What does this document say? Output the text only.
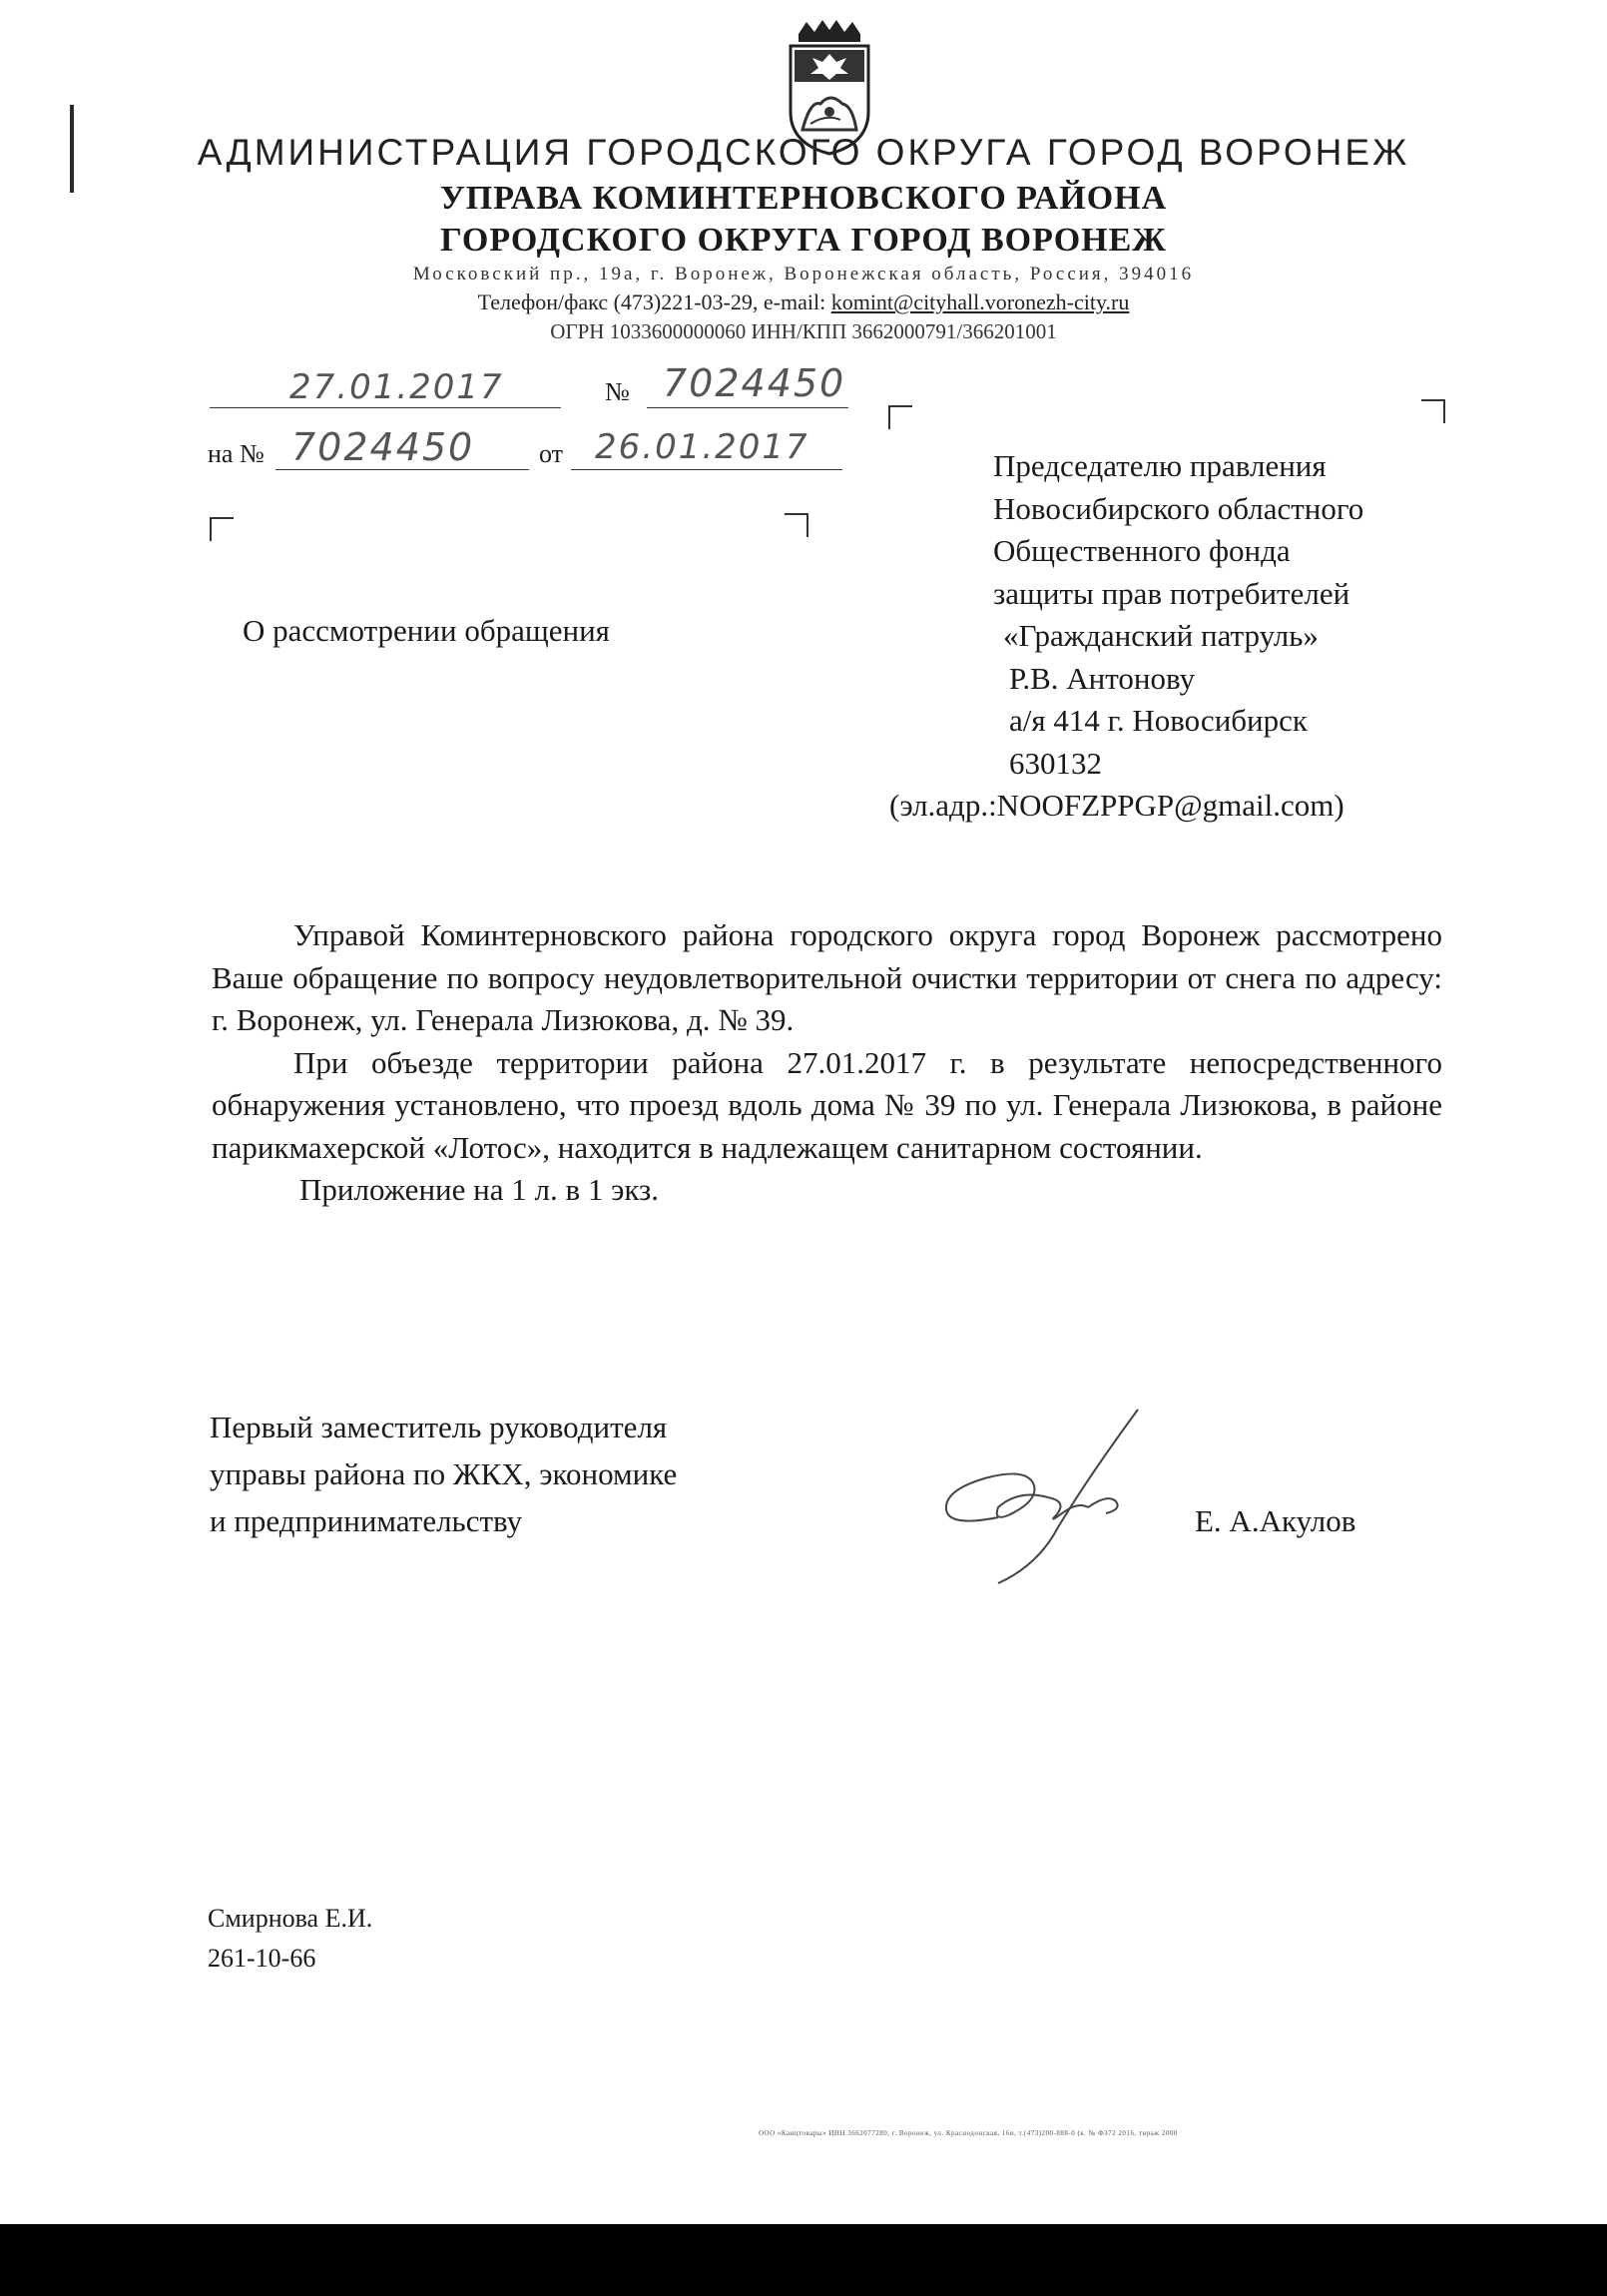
АДМИНИСТРАЦИЯ ГОРОДСКОГО ОКРУГА ГОРОД ВОРОНЕЖ
УПРАВА КОМИНТЕРНОВСКОГО РАЙОНА
ГОРОДСКОГО ОКРУГА ГОРОД ВОРОНЕЖ
Московский пр., 19а, г. Воронеж, Воронежская область, Россия, 394016
Телефон/факс (473)221-03-29, e-mail: komint@cityhall.voronezh-city.ru
ОГРН 1033600000060 ИНН/КПП 3662000791/366201001
27.01.2017	№ 7024450
на № 7024450 от 26.01.2017	Председателю правления
Новосибирского областного
Общественного фонда
защиты прав потребителей
«Гражданский патруль»
Р.В. Антонову
а/я 414 г. Новосибирск
630132
(эл.адр.:NOOFZPPGP@gmail.com)
О рассмотрении обращения

Управой Коминтерновского района городского округа город Воронеж рассмотрено Ваше обращение по вопросу неудовлетворительной очистки территории от снега по адресу: г. Воронеж, ул. Генерала Лизюкова, д. № 39.

При объезде территории района 27.01.2017 г. в результате непосредственного обнаружения установлено, что проезд вдоль дома № 39 по ул. Генерала Лизюкова, в районе парикмахерской «Лотос», находится в надлежащем санитарном состоянии.

Приложение на 1 л. в 1 экз.

Первый заместитель руководителя
управы района по ЖКХ, экономике
и предпринимательству	Е. А.Акулов
Смирнова Е.И.
261-10-66
ООО «Канцтовары» ИНН 3662077280, г. Воронеж, ул. Краснодонская, 16и, т.(473)200-888-0 (к. № ФЗ72 2016, тираж 2000
